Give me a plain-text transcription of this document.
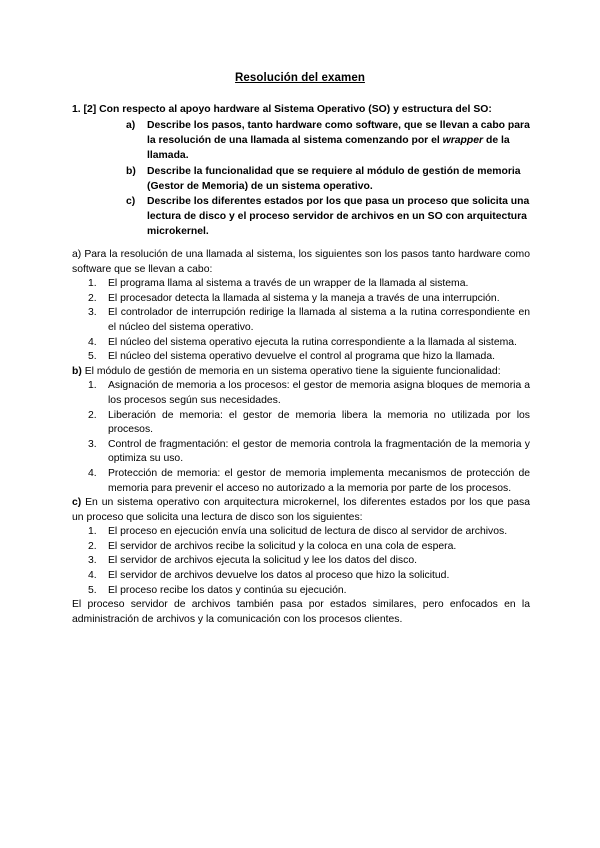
Resolución del examen
1. [2] Con respecto al apoyo hardware al Sistema Operativo (SO) y estructura del SO:
a)	Describe los pasos, tanto hardware como software, que se llevan a cabo para la resolución de una llamada al sistema comenzando por el wrapper de la llamada.
b)	Describe la funcionalidad que se requiere al módulo de gestión de memoria (Gestor de Memoria) de un sistema operativo.
c)	Describe los diferentes estados por los que pasa un proceso que solicita una lectura de disco y el proceso servidor de archivos en un SO con arquitectura microkernel.

a) Para la resolución de una llamada al sistema, los siguientes son los pasos tanto hardware como software que se llevan a cabo:

1. El programa llama al sistema a través de un wrapper de la llamada al sistema.
2. El procesador detecta la llamada al sistema y la maneja a través de una interrupción.
3. El controlador de interrupción redirige la llamada al sistema a la rutina correspondiente en el núcleo del sistema operativo.
4. El núcleo del sistema operativo ejecuta la rutina correspondiente a la llamada al sistema.
5. El núcleo del sistema operativo devuelve el control al programa que hizo la llamada.

b) El módulo de gestión de memoria en un sistema operativo tiene la siguiente funcionalidad:

1. Asignación de memoria a los procesos: el gestor de memoria asigna bloques de memoria a los procesos según sus necesidades.
2. Liberación de memoria: el gestor de memoria libera la memoria no utilizada por los procesos.
3. Control de fragmentación: el gestor de memoria controla la fragmentación de la memoria y optimiza su uso.
4. Protección de memoria: el gestor de memoria implementa mecanismos de protección de memoria para prevenir el acceso no autorizado a la memoria por parte de los procesos.

c) En un sistema operativo con arquitectura microkernel, los diferentes estados por los que pasa un proceso que solicita una lectura de disco son los siguientes:

1. El proceso en ejecución envía una solicitud de lectura de disco al servidor de archivos.
2. El servidor de archivos recibe la solicitud y la coloca en una cola de espera.
3. El servidor de archivos ejecuta la solicitud y lee los datos del disco.
4. El servidor de archivos devuelve los datos al proceso que hizo la solicitud.
5. El proceso recibe los datos y continúa su ejecución.

El proceso servidor de archivos también pasa por estados similares, pero enfocados en la administración de archivos y la comunicación con los procesos clientes.
